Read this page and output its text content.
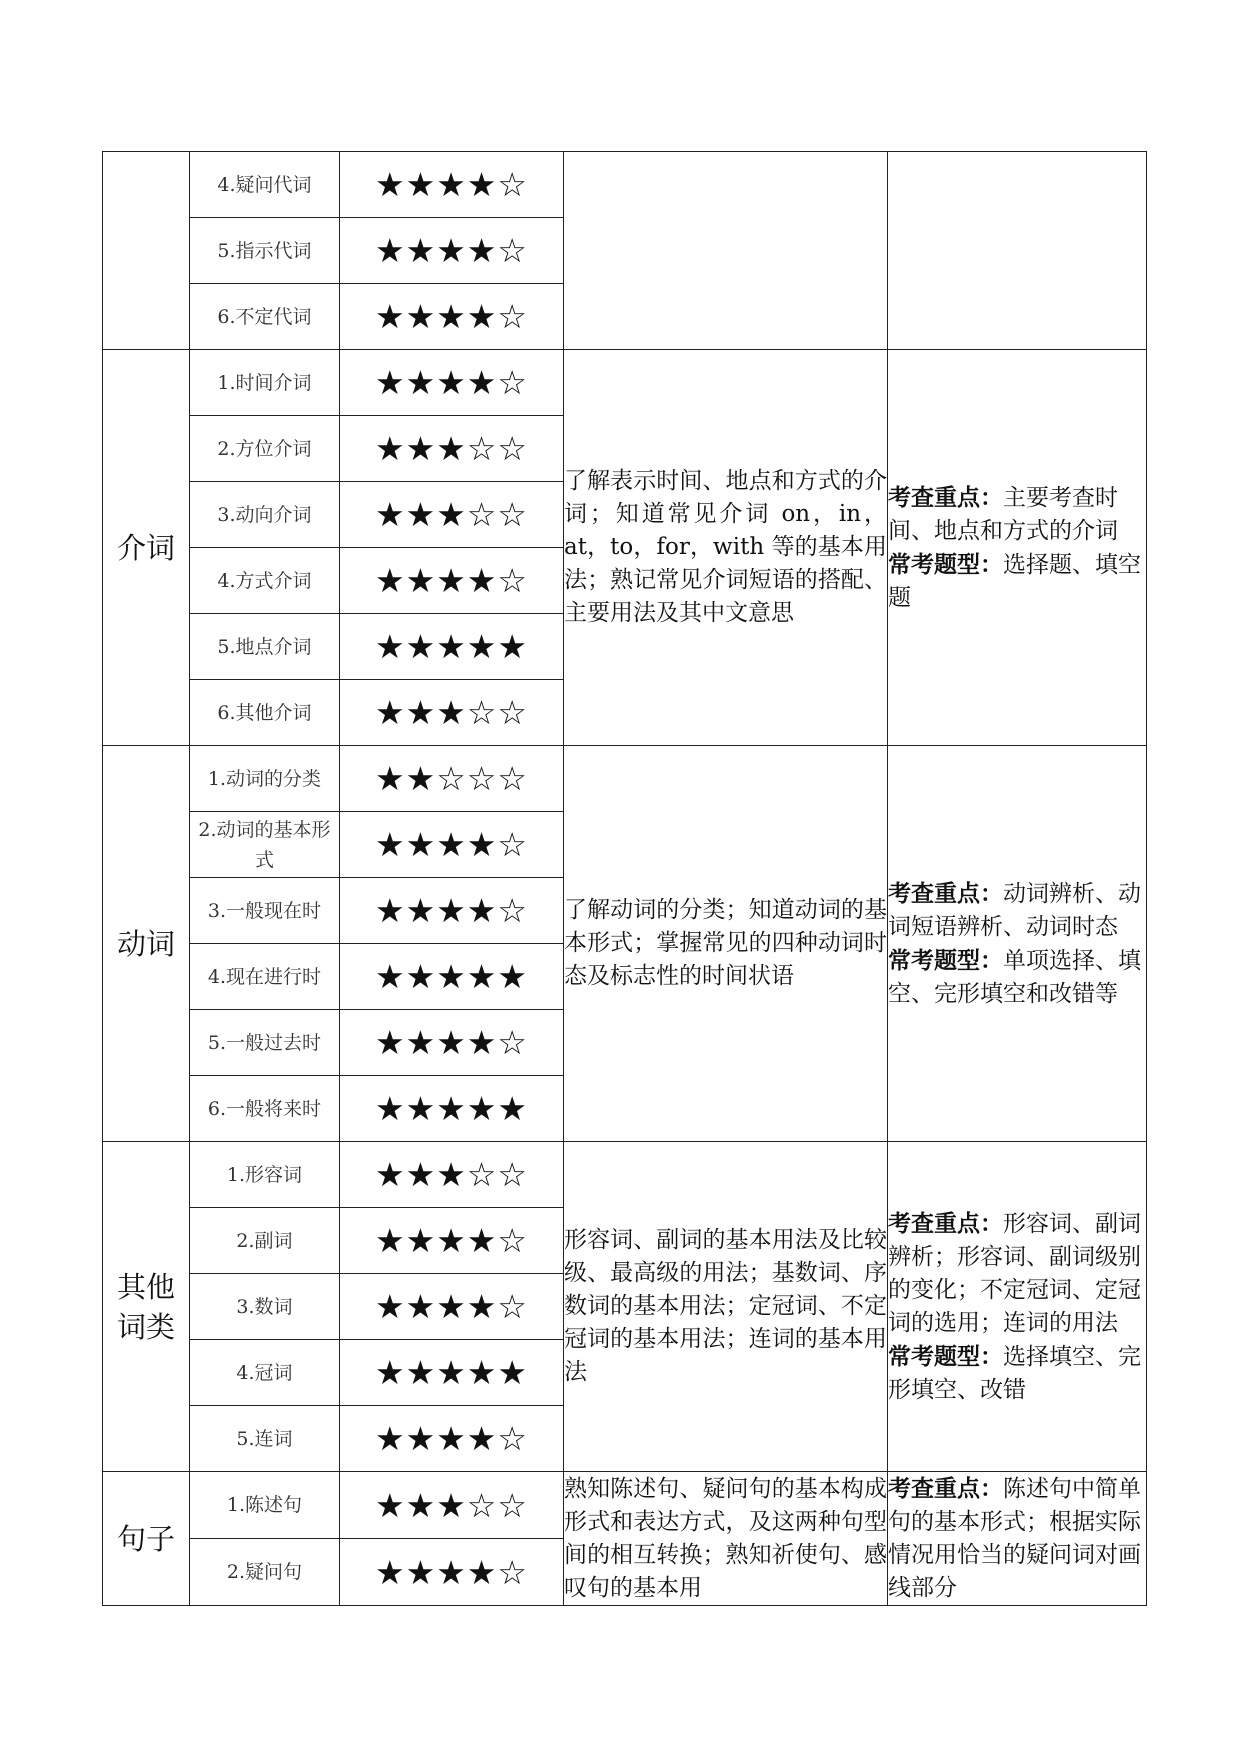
	4.疑问代词	★★★★☆		
	5.指示代词	★★★★☆		
	6.不定代词	★★★★☆		
介词	1.时间介词	★★★★☆	了解表示时间、地点和方式的介词；知道常见介词 on，in，at，to，for，with 等的基本用法；熟记常见介词短语的搭配、主要用法及其中文意思	考查重点：主要考查时间、地点和方式的介词
常考题型：选择题、填空题
	2.方位介词	★★★☆☆		
	3.动向介词	★★★☆☆		
	4.方式介词	★★★★☆		
	5.地点介词	★★★★★		
	6.其他介词	★★★☆☆		
动词	1.动词的分类	★★☆☆☆	了解动词的分类；知道动词的基本形式；掌握常见的四种动词时态及标志性的时间状语	考查重点：动词辨析、动词短语辨析、动词时态
常考题型：单项选择、填空、完形填空和改错等
	2.动词的基本形式	★★★★☆		
	3.一般现在时	★★★★☆		
	4.现在进行时	★★★★★		
	5.一般过去时	★★★★☆		
	6.一般将来时	★★★★★		
其他词类	1.形容词	★★★☆☆	形容词、副词的基本用法及比较级、最高级的用法；基数词、序数词的基本用法；定冠词、不定冠词的基本用法；连词的基本用法	考查重点：形容词、副词辨析；形容词、副词级别的变化；不定冠词、定冠词的选用；连词的用法
常考题型：选择填空、完形填空、改错
	2.副词	★★★★☆		
	3.数词	★★★★☆		
	4.冠词	★★★★★		
	5.连词	★★★★☆		
句子	1.陈述句	★★★☆☆	熟知陈述句、疑问句的基本构成形式和表达方式，及这两种句型间的相互转换；熟知祈使句、感叹句的基本用	考查重点：陈述句中简单句的基本形式；根据实际情况用恰当的疑问词对画线部分
	2.疑问句	★★★★☆		
